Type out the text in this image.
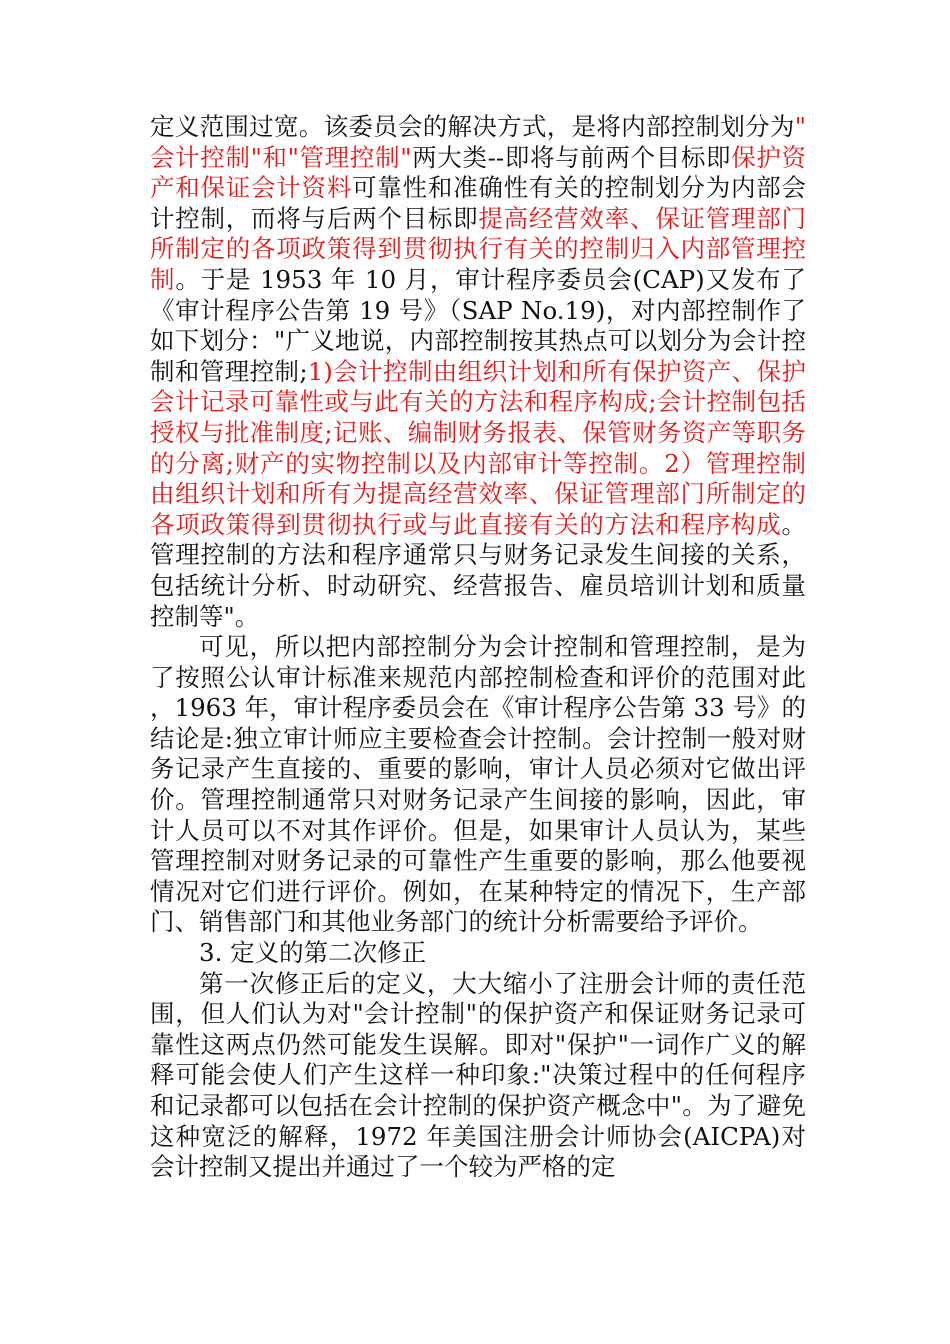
定义范围过宽。该委员会的解决方式，是将内部控制划分为"会计控制"和"管理控制"两大类--即将与前两个目标即保护资产和保证会计资料可靠性和准确性有关的控制划分为内部会计控制，而将与后两个目标即提高经营效率、保证管理部门所制定的各项政策得到贯彻执行有关的控制归入内部管理控制。于是 1953 年 10 月，审计程序委员会(CAP)又发布了《审计程序公告第 19 号》（SAP No.19)，对内部控制作了如下划分："广义地说，内部控制按其热点可以划分为会计控制和管理控制;1)会计控制由组织计划和所有保护资产、保护会计记录可靠性或与此有关的方法和程序构成;会计控制包括授权与批准制度;记账、编制财务报表、保管财务资产等职务的分离;财产的实物控制以及内部审计等控制。2）管理控制由组织计划和所有为提高经营效率、保证管理部门所制定的各项政策得到贯彻执行或与此直接有关的方法和程序构成。管理控制的方法和程序通常只与财务记录发生间接的关系，包括统计分析、时动研究、经营报告、雇员培训计划和质量控制等"。

可见，所以把内部控制分为会计控制和管理控制，是为了按照公认审计标准来规范内部控制检查和评价的范围对此，1963 年，审计程序委员会在《审计程序公告第 33 号》的结论是:独立审计师应主要检查会计控制。会计控制一般对财务记录产生直接的、重要的影响，审计人员必须对它做出评价。管理控制通常只对财务记录产生间接的影响，因此，审计人员可以不对其作评价。但是，如果审计人员认为，某些管理控制对财务记录的可靠性产生重要的影响，那么他要视情况对它们进行评价。例如，在某种特定的情况下，生产部门、销售部门和其他业务部门的统计分析需要给予评价。

3. 定义的第二次修正

第一次修正后的定义，大大缩小了注册会计师的责任范围，但人们认为对"会计控制"的保护资产和保证财务记录可靠性这两点仍然可能发生误解。即对"保护"一词作广义的解释可能会使人们产生这样一种印象:"决策过程中的任何程序和记录都可以包括在会计控制的保护资产概念中"。为了避免这种宽泛的解释，1972 年美国注册会计师协会(AICPA)对会计控制又提出并通过了一个较为严格的定
